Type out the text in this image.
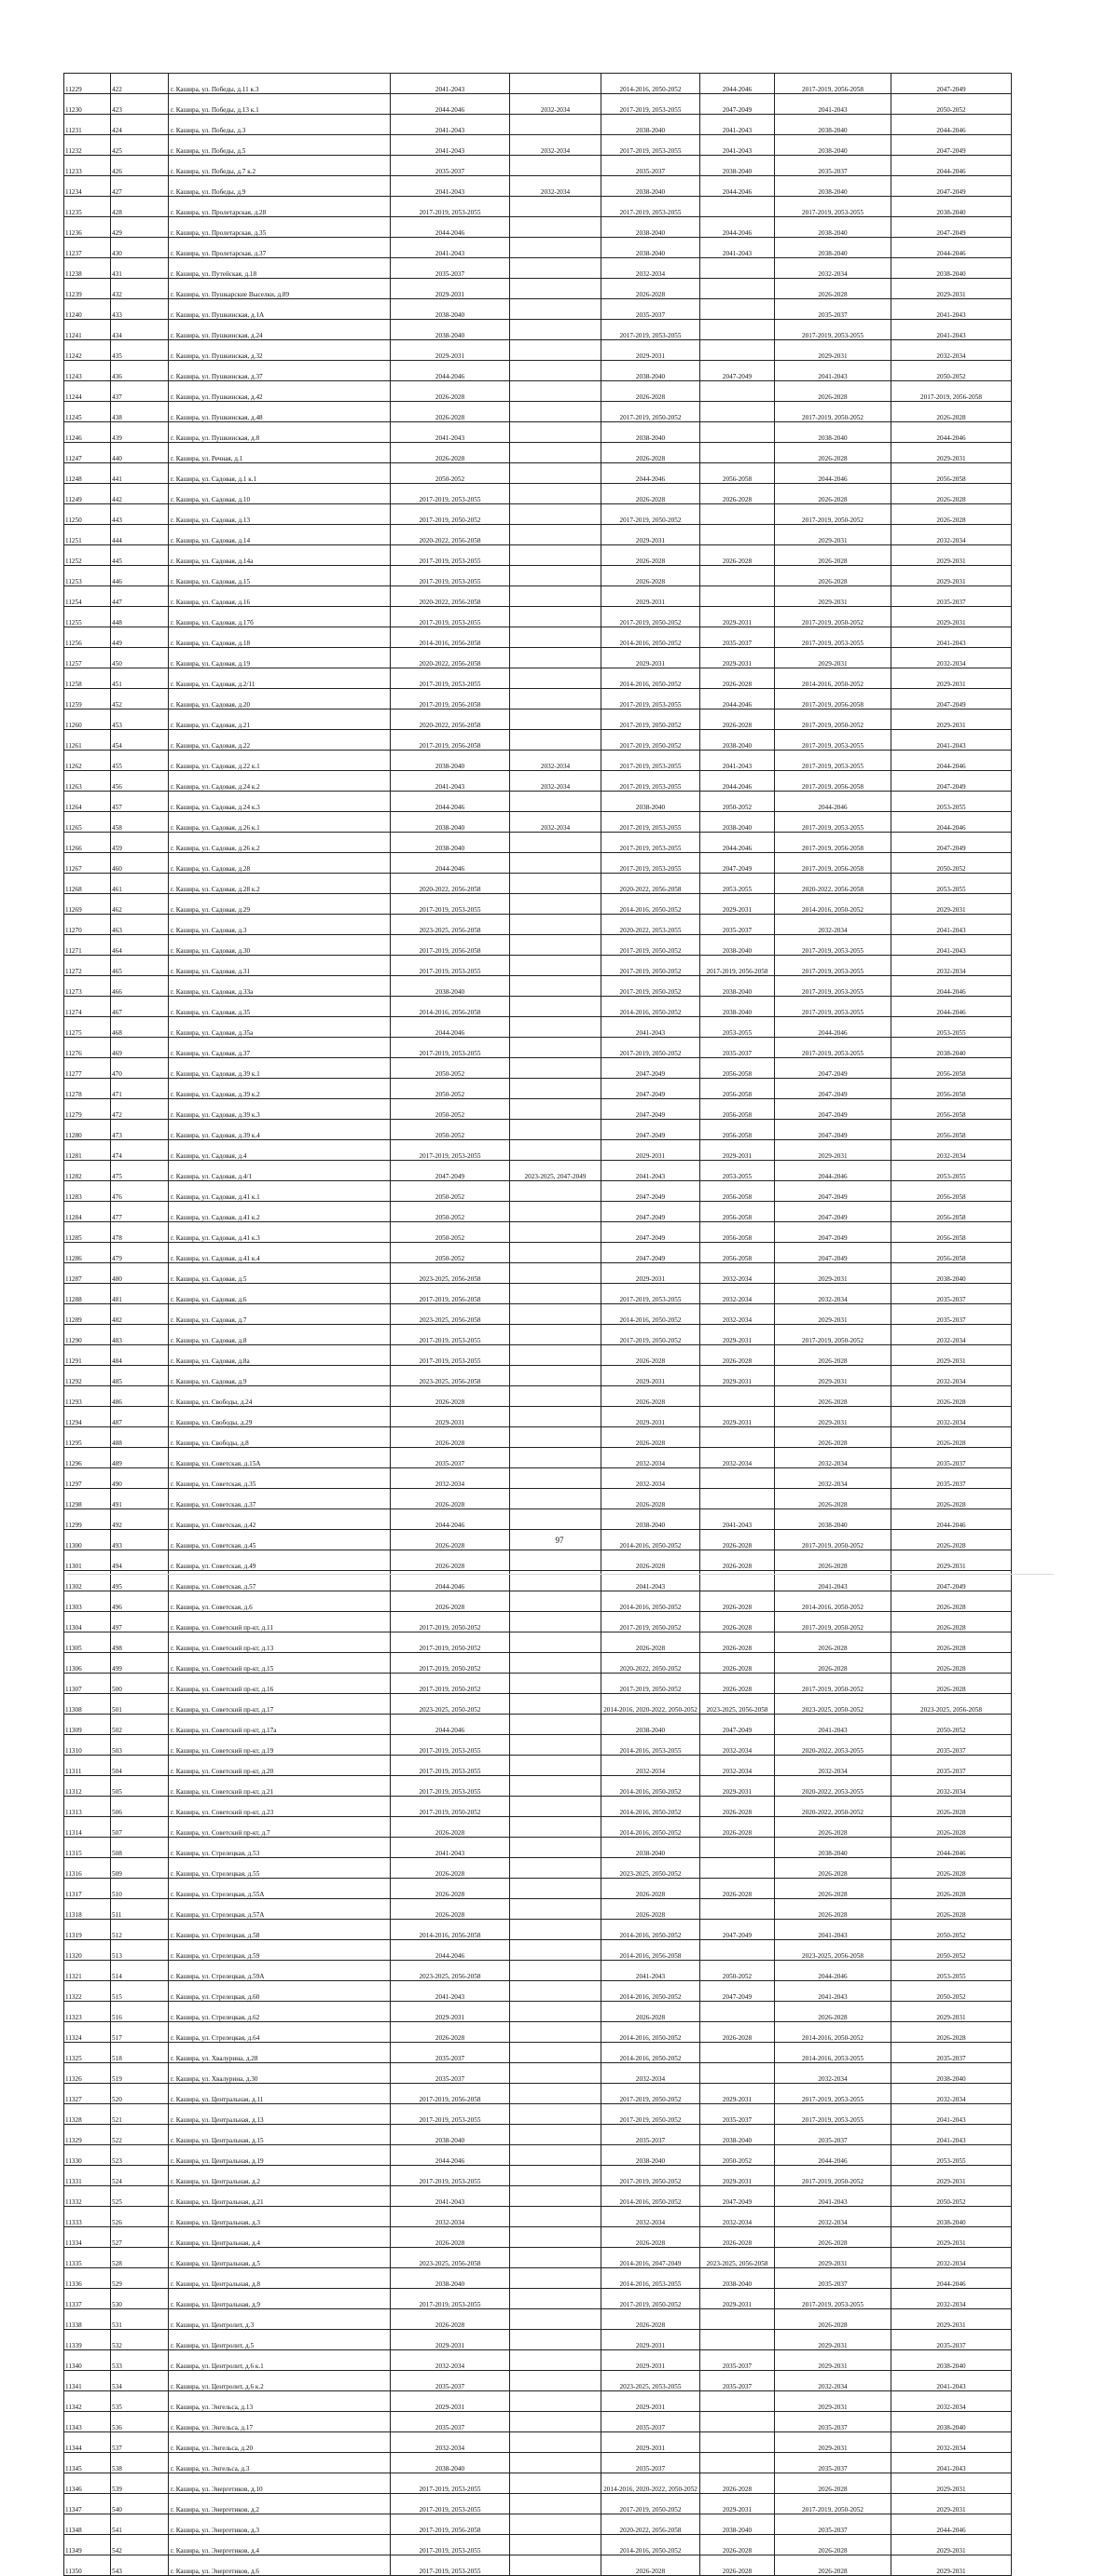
11229	422	г. Кашира, ул. Победы, д.11 к.3	2041-2043		2014-2016, 2050-2052	2044-2046	2017-2019, 2056-2058	2047-2049
11230	423	г. Кашира, ул. Победы, д.13 к.1	2044-2046	2032-2034	2017-2019, 2053-2055	2047-2049	2041-2043	2050-2052
11231	424	г. Кашира, ул. Победы, д.3	2041-2043		2038-2040	2041-2043	2038-2040	2044-2046
11232	425	г. Кашира, ул. Победы, д.5	2041-2043	2032-2034	2017-2019, 2053-2055	2041-2043	2038-2040	2047-2049
11233	426	г. Кашира, ул. Победы, д.7 к.2	2035-2037		2035-2037	2038-2040	2035-2037	2044-2046
11234	427	г. Кашира, ул. Победы, д.9	2041-2043	2032-2034	2038-2040	2044-2046	2038-2040	2047-2049
11235	428	г. Кашира, ул. Пролетарская, д.28	2017-2019, 2053-2055		2017-2019, 2053-2055		2017-2019, 2053-2055	2038-2040
11236	429	г. Кашира, ул. Пролетарская, д.35	2044-2046		2038-2040	2044-2046	2038-2040	2047-2049
11237	430	г. Кашира, ул. Пролетарская, д.37	2041-2043		2038-2040	2041-2043	2038-2040	2044-2046
11238	431	г. Кашира, ул. Путейская, д.18	2035-2037		2032-2034		2032-2034	2038-2040
11239	432	г. Кашира, ул. Пушкарские Выселки, д.89	2029-2031		2026-2028		2026-2028	2029-2031
11240	433	г. Кашира, ул. Пушкинская, д.1А	2038-2040		2035-2037		2035-2037	2041-2043
11241	434	г. Кашира, ул. Пушкинская, д.24	2038-2040		2017-2019, 2053-2055		2017-2019, 2053-2055	2041-2043
11242	435	г. Кашира, ул. Пушкинская, д.32	2029-2031		2029-2031		2029-2031	2032-2034
11243	436	г. Кашира, ул. Пушкинская, д.37	2044-2046		2038-2040	2047-2049	2041-2043	2050-2052
11244	437	г. Кашира, ул. Пушкинская, д.42	2026-2028		2026-2028		2026-2028	2017-2019, 2056-2058
11245	438	г. Кашира, ул. Пушкинская, д.48	2026-2028		2017-2019, 2050-2052		2017-2019, 2050-2052	2026-2028
11246	439	г. Кашира, ул. Пушкинская, д.8	2041-2043		2038-2040		2038-2040	2044-2046
11247	440	г. Кашира, ул. Речная, д.1	2026-2028		2026-2028		2026-2028	2029-2031
11248	441	г. Кашира, ул. Садовая, д.1 к.1	2050-2052		2044-2046	2056-2058	2044-2046	2056-2058
11249	442	г. Кашира, ул. Садовая, д.10	2017-2019, 2053-2055		2026-2028	2026-2028	2026-2028	2026-2028
11250	443	г. Кашира, ул. Садовая, д.13	2017-2019, 2050-2052		2017-2019, 2050-2052		2017-2019, 2050-2052	2026-2028
11251	444	г. Кашира, ул. Садовая, д.14	2020-2022, 2056-2058		2029-2031		2029-2031	2032-2034
11252	445	г. Кашира, ул. Садовая, д.14а	2017-2019, 2053-2055		2026-2028	2026-2028	2026-2028	2029-2031
11253	446	г. Кашира, ул. Садовая, д.15	2017-2019, 2053-2055		2026-2028		2026-2028	2029-2031
11254	447	г. Кашира, ул. Садовая, д.16	2020-2022, 2056-2058		2029-2031		2029-2031	2035-2037
11255	448	г. Кашира, ул. Садовая, д.17б	2017-2019, 2053-2055		2017-2019, 2050-2052	2029-2031	2017-2019, 2050-2052	2029-2031
11256	449	г. Кашира, ул. Садовая, д.18	2014-2016, 2056-2058		2014-2016, 2050-2052	2035-2037	2017-2019, 2053-2055	2041-2043
11257	450	г. Кашира, ул. Садовая, д.19	2020-2022, 2056-2058		2029-2031	2029-2031	2029-2031	2032-2034
11258	451	г. Кашира, ул. Садовая, д.2/11	2017-2019, 2053-2055		2014-2016, 2050-2052	2026-2028	2014-2016, 2050-2052	2029-2031
11259	452	г. Кашира, ул. Садовая, д.20	2017-2019, 2056-2058		2017-2019, 2053-2055	2044-2046	2017-2019, 2056-2058	2047-2049
11260	453	г. Кашира, ул. Садовая, д.21	2020-2022, 2056-2058		2017-2019, 2050-2052	2026-2028	2017-2019, 2050-2052	2029-2031
11261	454	г. Кашира, ул. Садовая, д.22	2017-2019, 2056-2058		2017-2019, 2050-2052	2038-2040	2017-2019, 2053-2055	2041-2043
11262	455	г. Кашира, ул. Садовая, д.22 к.1	2038-2040	2032-2034	2017-2019, 2053-2055	2041-2043	2017-2019, 2053-2055	2044-2046
11263	456	г. Кашира, ул. Садовая, д.24 к.2	2041-2043	2032-2034	2017-2019, 2053-2055	2044-2046	2017-2019, 2056-2058	2047-2049
11264	457	г. Кашира, ул. Садовая, д.24 к.3	2044-2046		2038-2040	2050-2052	2044-2046	2053-2055
11265	458	г. Кашира, ул. Садовая, д.26 к.1	2038-2040	2032-2034	2017-2019, 2053-2055	2038-2040	2017-2019, 2053-2055	2044-2046
11266	459	г. Кашира, ул. Садовая, д.26 к.2	2038-2040		2017-2019, 2053-2055	2044-2046	2017-2019, 2056-2058	2047-2049
11267	460	г. Кашира, ул. Садовая, д.28	2044-2046		2017-2019, 2053-2055	2047-2049	2017-2019, 2056-2058	2050-2052
11268	461	г. Кашира, ул. Садовая, д.28 к.2	2020-2022, 2056-2058		2020-2022, 2056-2058	2053-2055	2020-2022, 2056-2058	2053-2055
11269	462	г. Кашира, ул. Садовая, д.29	2017-2019, 2053-2055		2014-2016, 2050-2052	2029-2031	2014-2016, 2050-2052	2029-2031
11270	463	г. Кашира, ул. Садовая, д.3	2023-2025, 2056-2058		2020-2022, 2053-2055	2035-2037	2032-2034	2041-2043
11271	464	г. Кашира, ул. Садовая, д.30	2017-2019, 2056-2058		2017-2019, 2050-2052	2038-2040	2017-2019, 2053-2055	2041-2043
11272	465	г. Кашира, ул. Садовая, д.31	2017-2019, 2053-2055		2017-2019, 2050-2052	2017-2019, 2056-2058	2017-2019, 2053-2055	2032-2034
11273	466	г. Кашира, ул. Садовая, д.33а	2038-2040		2017-2019, 2050-2052	2038-2040	2017-2019, 2053-2055	2044-2046
11274	467	г. Кашира, ул. Садовая, д.35	2014-2016, 2056-2058		2014-2016, 2050-2052	2038-2040	2017-2019, 2053-2055	2044-2046
11275	468	г. Кашира, ул. Садовая, д.35а	2044-2046		2041-2043	2053-2055	2044-2046	2053-2055
11276	469	г. Кашира, ул. Садовая, д.37	2017-2019, 2053-2055		2017-2019, 2050-2052	2035-2037	2017-2019, 2053-2055	2038-2040
11277	470	г. Кашира, ул. Садовая, д.39 к.1	2050-2052		2047-2049	2056-2058	2047-2049	2056-2058
11278	471	г. Кашира, ул. Садовая, д.39 к.2	2050-2052		2047-2049	2056-2058	2047-2049	2056-2058
11279	472	г. Кашира, ул. Садовая, д.39 к.3	2050-2052		2047-2049	2056-2058	2047-2049	2056-2058
11280	473	г. Кашира, ул. Садовая, д.39 к.4	2050-2052		2047-2049	2056-2058	2047-2049	2056-2058
11281	474	г. Кашира, ул. Садовая, д.4	2017-2019, 2053-2055		2029-2031	2029-2031	2029-2031	2032-2034
11282	475	г. Кашира, ул. Садовая, д.4/1	2047-2049	2023-2025, 2047-2049	2041-2043	2053-2055	2044-2046	2053-2055
11283	476	г. Кашира, ул. Садовая, д.41 к.1	2050-2052		2047-2049	2056-2058	2047-2049	2056-2058
11284	477	г. Кашира, ул. Садовая, д.41 к.2	2050-2052		2047-2049	2056-2058	2047-2049	2056-2058
11285	478	г. Кашира, ул. Садовая, д.41 к.3	2050-2052		2047-2049	2056-2058	2047-2049	2056-2058
11286	479	г. Кашира, ул. Садовая, д.41 к.4	2050-2052		2047-2049	2056-2058	2047-2049	2056-2058
11287	480	г. Кашира, ул. Садовая, д.5	2023-2025, 2056-2058		2029-2031	2032-2034	2029-2031	2038-2040
11288	481	г. Кашира, ул. Садовая, д.6	2017-2019, 2056-2058		2017-2019, 2053-2055	2032-2034	2032-2034	2035-2037
11289	482	г. Кашира, ул. Садовая, д.7	2023-2025, 2056-2058		2014-2016, 2050-2052	2032-2034	2029-2031	2035-2037
11290	483	г. Кашира, ул. Садовая, д.8	2017-2019, 2053-2055		2017-2019, 2050-2052	2029-2031	2017-2019, 2050-2052	2032-2034
11291	484	г. Кашира, ул. Садовая, д.8а	2017-2019, 2053-2055		2026-2028	2026-2028	2026-2028	2029-2031
11292	485	г. Кашира, ул. Садовая, д.9	2023-2025, 2056-2058		2029-2031	2029-2031	2029-2031	2032-2034
11293	486	г. Кашира, ул. Свободы, д.24	2026-2028		2026-2028		2026-2028	2026-2028
11294	487	г. Кашира, ул. Свободы, д.29	2029-2031		2029-2031	2029-2031	2029-2031	2032-2034
11295	488	г. Кашира, ул. Свободы, д.8	2026-2028		2026-2028		2026-2028	2026-2028
11296	489	г. Кашира, ул. Советская, д.15А	2035-2037		2032-2034	2032-2034	2032-2034	2035-2037
11297	490	г. Кашира, ул. Советская, д.35	2032-2034		2032-2034		2032-2034	2035-2037
11298	491	г. Кашира, ул. Советская, д.37	2026-2028		2026-2028		2026-2028	2026-2028
11299	492	г. Кашира, ул. Советская, д.42	2044-2046		2038-2040	2041-2043	2038-2040	2044-2046
11300	493	г. Кашира, ул. Советская, д.45	2026-2028		2014-2016, 2050-2052	2026-2028	2017-2019, 2050-2052	2026-2028
11301	494	г. Кашира, ул. Советская, д.49	2026-2028		2026-2028	2026-2028	2026-2028	2029-2031
11302	495	г. Кашира, ул. Советская, д.57	2044-2046		2041-2043		2041-2043	2047-2049
11303	496	г. Кашира, ул. Советская, д.6	2026-2028		2014-2016, 2050-2052	2026-2028	2014-2016, 2050-2052	2026-2028
11304	497	г. Кашира, ул. Советский пр-кт, д.11	2017-2019, 2050-2052		2017-2019, 2050-2052	2026-2028	2017-2019, 2050-2052	2026-2028
11305	498	г. Кашира, ул. Советский пр-кт, д.13	2017-2019, 2050-2052		2026-2028	2026-2028	2026-2028	2026-2028
11306	499	г. Кашира, ул. Советский пр-кт, д.15	2017-2019, 2050-2052		2020-2022, 2050-2052	2026-2028	2026-2028	2026-2028
11307	500	г. Кашира, ул. Советский пр-кт, д.16	2017-2019, 2050-2052		2017-2019, 2050-2052	2026-2028	2017-2019, 2050-2052	2026-2028
11308	501	г. Кашира, ул. Советский пр-кт, д.17	2023-2025, 2050-2052		2014-2016, 2020-2022, 2050-2052	2023-2025, 2056-2058	2023-2025, 2050-2052	2023-2025, 2056-2058
11309	502	г. Кашира, ул. Советский пр-кт, д.17а	2044-2046		2038-2040	2047-2049	2041-2043	2050-2052
11310	503	г. Кашира, ул. Советский пр-кт, д.19	2017-2019, 2053-2055		2014-2016, 2053-2055	2032-2034	2020-2022, 2053-2055	2035-2037
11311	504	г. Кашира, ул. Советский пр-кт, д.20	2017-2019, 2053-2055		2032-2034	2032-2034	2032-2034	2035-2037
11312	505	г. Кашира, ул. Советский пр-кт, д.21	2017-2019, 2053-2055		2014-2016, 2050-2052	2029-2031	2020-2022, 2053-2055	2032-2034
11313	506	г. Кашира, ул. Советский пр-кт, д.23	2017-2019, 2050-2052		2014-2016, 2050-2052	2026-2028	2020-2022, 2050-2052	2026-2028
11314	507	г. Кашира, ул. Советский пр-кт, д.7	2026-2028		2014-2016, 2050-2052	2026-2028	2026-2028	2026-2028
11315	508	г. Кашира, ул. Стрелецкая, д.53	2041-2043		2038-2040		2038-2040	2044-2046
11316	509	г. Кашира, ул. Стрелецкая, д.55	2026-2028		2023-2025, 2050-2052		2026-2028	2026-2028
11317	510	г. Кашира, ул. Стрелецкая, д.55А	2026-2028		2026-2028	2026-2028	2026-2028	2026-2028
11318	511	г. Кашира, ул. Стрелецкая, д.57А	2026-2028		2026-2028		2026-2028	2026-2028
11319	512	г. Кашира, ул. Стрелецкая, д.58	2014-2016, 2056-2058		2014-2016, 2050-2052	2047-2049	2041-2043	2050-2052
11320	513	г. Кашира, ул. Стрелецкая, д.59	2044-2046		2014-2016, 2056-2058		2023-2025, 2056-2058	2050-2052
11321	514	г. Кашира, ул. Стрелецкая, д.59А	2023-2025, 2056-2058		2041-2043	2050-2052	2044-2046	2053-2055
11322	515	г. Кашира, ул. Стрелецкая, д.60	2041-2043		2014-2016, 2050-2052	2047-2049	2041-2043	2050-2052
11323	516	г. Кашира, ул. Стрелецкая, д.62	2029-2031		2026-2028		2026-2028	2029-2031
11324	517	г. Кашира, ул. Стрелецкая, д.64	2026-2028		2014-2016, 2050-2052	2026-2028	2014-2016, 2050-2052	2026-2028
11325	518	г. Кашира, ул. Хвалурина, д.28	2035-2037		2014-2016, 2050-2052		2014-2016, 2053-2055	2035-2037
11326	519	г. Кашира, ул. Хвалурина, д.30	2035-2037		2032-2034		2032-2034	2038-2040
11327	520	г. Кашира, ул. Центральная, д.11	2017-2019, 2056-2058		2017-2019, 2050-2052	2029-2031	2017-2019, 2053-2055	2032-2034
11328	521	г. Кашира, ул. Центральная, д.13	2017-2019, 2053-2055		2017-2019, 2050-2052	2035-2037	2017-2019, 2053-2055	2041-2043
11329	522	г. Кашира, ул. Центральная, д.15	2038-2040		2035-2037	2038-2040	2035-2037	2041-2043
11330	523	г. Кашира, ул. Центральная, д.19	2044-2046		2038-2040	2050-2052	2044-2046	2053-2055
11331	524	г. Кашира, ул. Центральная, д.2	2017-2019, 2053-2055		2017-2019, 2050-2052	2029-2031	2017-2019, 2050-2052	2029-2031
11332	525	г. Кашира, ул. Центральная, д.21	2041-2043		2014-2016, 2050-2052	2047-2049	2041-2043	2050-2052
11333	526	г. Кашира, ул. Центральная, д.3	2032-2034		2032-2034	2032-2034	2032-2034	2038-2040
11334	527	г. Кашира, ул. Центральная, д.4	2026-2028		2026-2028	2026-2028	2026-2028	2029-2031
11335	528	г. Кашира, ул. Центральная, д.5	2023-2025, 2056-2058		2014-2016, 2047-2049	2023-2025, 2056-2058	2029-2031	2032-2034
11336	529	г. Кашира, ул. Центральная, д.8	2038-2040		2014-2016, 2053-2055	2038-2040	2035-2037	2044-2046
11337	530	г. Кашира, ул. Центральная, д.9	2017-2019, 2053-2055		2017-2019, 2050-2052	2029-2031	2017-2019, 2053-2055	2032-2034
11338	531	г. Кашира, ул. Центролит, д.3	2026-2028		2026-2028		2026-2028	2029-2031
11339	532	г. Кашира, ул. Центролит, д.5	2029-2031		2029-2031		2029-2031	2035-2037
11340	533	г. Кашира, ул. Центролит, д.6 к.1	2032-2034		2029-2031	2035-2037	2029-2031	2038-2040
11341	534	г. Кашира, ул. Центролит, д.6 к.2	2035-2037		2023-2025, 2053-2055	2035-2037	2032-2034	2041-2043
11342	535	г. Кашира, ул. Энгельса, д.13	2029-2031		2029-2031		2029-2031	2032-2034
11343	536	г. Кашира, ул. Энгельса, д.17	2035-2037		2035-2037		2035-2037	2038-2040
11344	537	г. Кашира, ул. Энгельса, д.20	2032-2034		2029-2031		2029-2031	2032-2034
11345	538	г. Кашира, ул. Энгельса, д.3	2038-2040		2035-2037		2035-2037	2041-2043
11346	539	г. Кашира, ул. Энергетиков, д.10	2017-2019, 2053-2055		2014-2016, 2020-2022, 2050-2052	2026-2028	2026-2028	2029-2031
11347	540	г. Кашира, ул. Энергетиков, д.2	2017-2019, 2053-2055		2017-2019, 2050-2052	2029-2031	2017-2019, 2050-2052	2029-2031
11348	541	г. Кашира, ул. Энергетиков, д.3	2017-2019, 2056-2058		2020-2022, 2056-2058	2038-2040	2035-2037	2044-2046
11349	542	г. Кашира, ул. Энергетиков, д.4	2017-2019, 2053-2055		2014-2016, 2050-2052	2026-2028	2026-2028	2029-2031
11350	543	г. Кашира, ул. Энергетиков, д.6	2017-2019, 2053-2055		2026-2028	2026-2028	2026-2028	2029-2031
97
